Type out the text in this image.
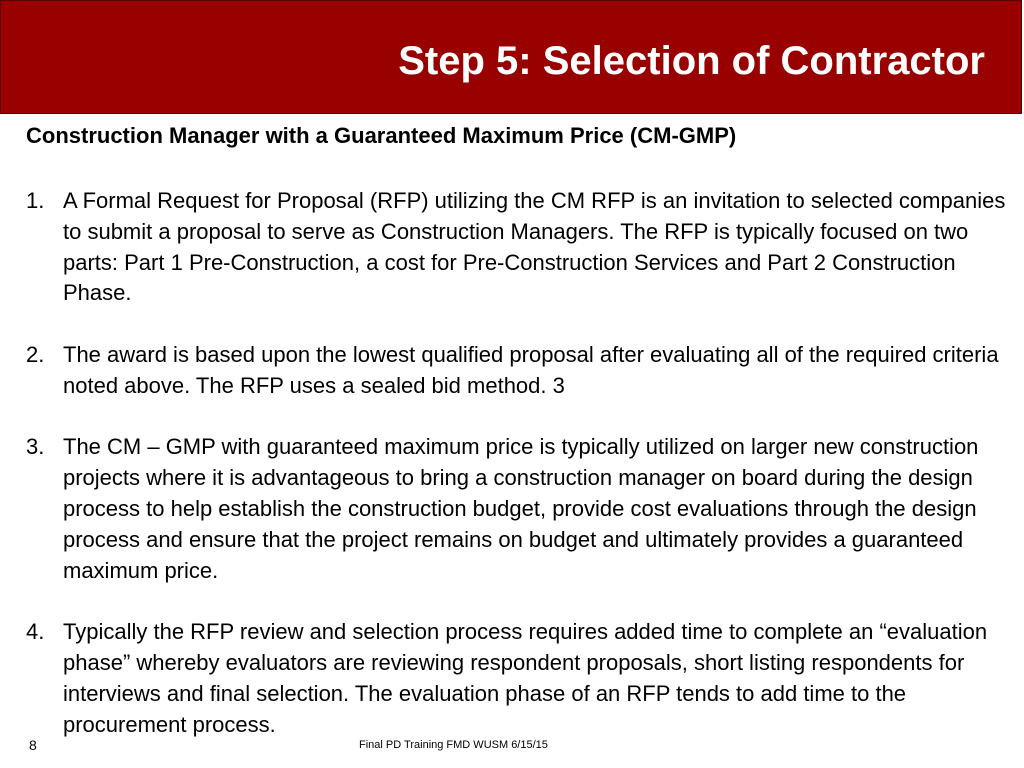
Step 5: Selection of Contractor
Construction Manager with a Guaranteed Maximum Price (CM-GMP)
1. A Formal Request for Proposal (RFP) utilizing the CM RFP is an invitation to selected companies to submit a proposal to serve as Construction Managers. The RFP is typically focused on two parts: Part 1 Pre-Construction, a cost for Pre-Construction Services and Part 2 Construction Phase.
2. The award is based upon the lowest qualified proposal after evaluating all of the required criteria noted above. The RFP uses a sealed bid method. 3
3. The CM – GMP with guaranteed maximum price is typically utilized on larger new construction projects where it is advantageous to bring a construction manager on board during the design process to help establish the construction budget, provide cost evaluations through the design process and ensure that the project remains on budget and ultimately provides a guaranteed maximum price.
4. Typically the RFP review and selection process requires added time to complete an “evaluation phase” whereby evaluators are reviewing respondent proposals, short listing respondents for interviews and final selection. The evaluation phase of an RFP tends to add time to the procurement process.
8	Final PD Training FMD WUSM 6/15/15
